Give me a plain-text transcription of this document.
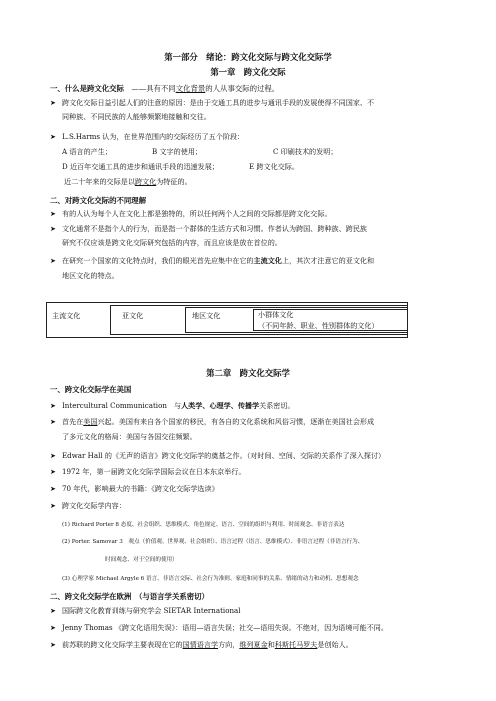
第一部分　绪论：跨文化交际与跨文化交际学
第一章　跨文化交际
一、什么是跨文化交际　 ——具有不同文化背景的人从事交际的过程。
➤ 跨文化交际日益引起人们的注意的原因：是由于交通工具的进步与通讯手段的发展使得不同国家、不
同种族、不同民族的人能够频繁地接触和交往。
➤ L.S.Harms 认为，在世界范围内的交际经历了五个阶段：
A 语言的产生；	B 文字的使用；	C 印刷技术的发明；
D 近百年交通工具的进步和通讯手段的迅速发展；	E 跨文化交际。
近二十年来的交际是以跨文化为特征的。
二、对跨文化交际的不同理解
➤ 有的人认为每个人在文化上都是独特的，所以任何两个人之间的交际都是跨文化交际。
➤ 文化通常不是指个人的行为，而是指一个群体的生活方式和习惯。作者认为跨国、跨种族、跨民族
研究不仅应该是跨文化交际研究包括的内容，而且应该是放在首位的。
➤ 在研究一个国家的文化特点时，我们的眼光首先应集中在它的主流文化上，其次才注意它的亚文化和
地区文化的特点。
主流文化	亚文化	地区文化	小群体文化
（不同年龄、职业、性别群体的文化）
第二章　跨文化交际学
一、跨文化交际学在美国
➤ Intercultural Communication　与人类学、心理学、传播学关系密切。
➤ 首先在美国兴起。美国有来自各个国家的移民，有各自的文化系统和风俗习惯，逐渐在美国社会形成
了多元文化的格局：美国与各国交往频繁。
➤ Edwar Hall 的《无声的语言》跨文化交际学的奠基之作。（对时间、空间、交际的关系作了深入探讨）
➤ 1972 年，第一届跨文化交际学国际会议在日本东京举行。
➤ 70 年代，影响最大的书籍：《跨文化交际学选读》
➤ 跨文化交际学内容：
(1) Richard Porter 8 态度、社会组织、思维模式、角色规定、语言、空间的组织与利用、时间观念、非语言表达
(2) Porter. Samovar 3　观点（价值观、世界观、社会组织）、语言过程（语言、思维模式）、非语言过程（非语言行为、
时间观念、对于空间的使用）
(3) 心理学家 Michael Argyle 6 语言、非语言交际、社会行为准则、家庭和同事的关系、情绪的动力和动机、思想观念
二、跨文化交际学在欧洲　（与语言学关系密切）
➤ 国际跨文化教育训练与研究学会 SIETAR International
➤ Jenny Thomas 《跨文化语用失误》：语用—语言失误；社交—语用失误。不绝对，因为语境可能不同。
➤ 前苏联的跨文化交际学主要表现在它的国情语言学方向，维列夏金和科斯托马罗夫是创始人。
